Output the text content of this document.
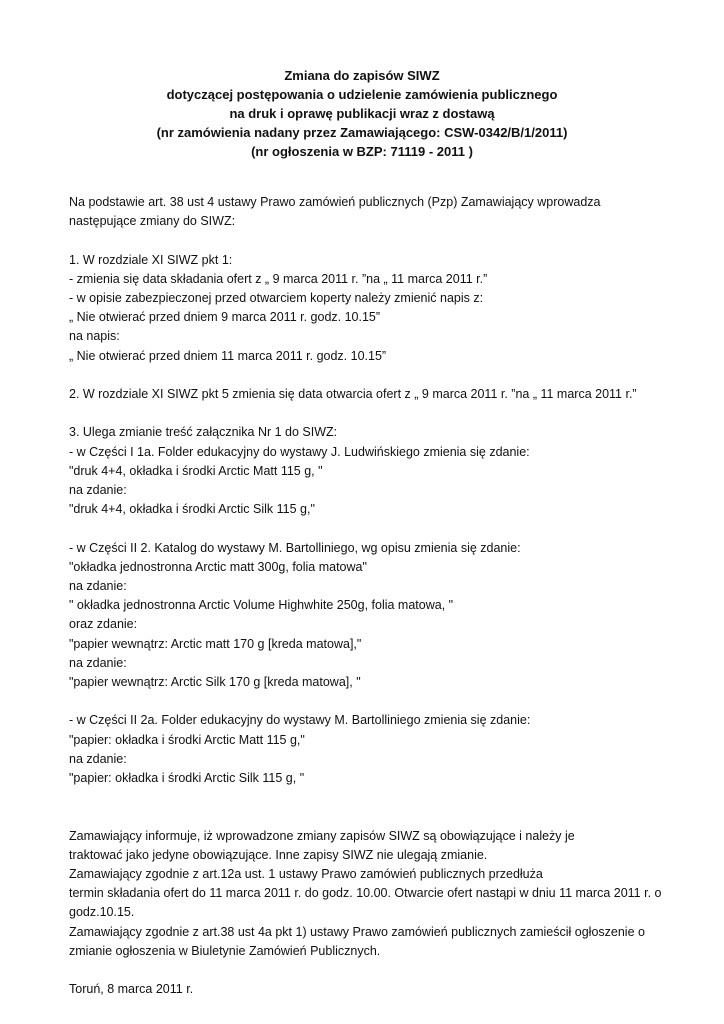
Zmiana do zapisów SIWZ
dotyczącej postępowania o udzielenie zamówienia publicznego
na druk i oprawę publikacji wraz z dostawą
(nr zamówienia nadany przez Zamawiającego: CSW-0342/B/1/2011)
(nr ogłoszenia w BZP: 71119 - 2011 )
Na podstawie art. 38 ust 4 ustawy Prawo zamówień publicznych (Pzp) Zamawiający wprowadza
następujące zmiany do SIWZ:
1. W rozdziale XI SIWZ pkt 1:
- zmienia się data składania ofert z „ 9 marca 2011 r. ”na „ 11 marca 2011 r.”
- w opisie zabezpieczonej przed otwarciem koperty należy zmienić napis z:
„ Nie otwierać przed dniem 9 marca 2011 r. godz. 10.15”
na napis:
„ Nie otwierać przed dniem 11 marca 2011 r. godz. 10.15”
2. W rozdziale XI SIWZ pkt 5 zmienia się data otwarcia ofert z „ 9 marca 2011 r. ”na „ 11 marca 2011 r.”
3. Ulega zmianie treść załącznika Nr 1 do SIWZ:
- w Części I 1a. Folder edukacyjny do wystawy J. Ludwińskiego zmienia się zdanie:
"druk 4+4, okładka i środki Arctic Matt 115 g, "
na zdanie:
"druk 4+4, okładka i środki Arctic Silk 115 g,"
- w Części II 2. Katalog do wystawy M. Bartolliniego, wg opisu zmienia się zdanie:
"okładka jednostronna Arctic matt 300g, folia matowa"
na zdanie:
" okładka jednostronna Arctic Volume Highwhite 250g, folia matowa, "
oraz zdanie:
"papier wewnątrz: Arctic matt 170 g [kreda matowa],"
na zdanie:
"papier wewnątrz: Arctic Silk 170 g [kreda matowa], "
- w Części II 2a. Folder edukacyjny do wystawy M. Bartolliniego zmienia się zdanie:
"papier: okładka i środki Arctic Matt 115 g,"
na zdanie:
"papier: okładka i środki Arctic Silk 115 g, "
Zamawiający informuje, iż wprowadzone zmiany zapisów SIWZ są obowiązujące i należy je
traktować jako jedyne obowiązujące. Inne zapisy SIWZ nie ulegają zmianie.
Zamawiający zgodnie z art.12a ust. 1 ustawy Prawo zamówień publicznych przedłuża
termin składania ofert do 11 marca 2011 r. do godz. 10.00. Otwarcie ofert nastąpi w dniu 11 marca 2011 r. o
godz.10.15.
Zamawiający zgodnie z art.38 ust 4a pkt 1) ustawy Prawo zamówień publicznych zamieścił ogłoszenie o
zmianie ogłoszenia w Biuletynie Zamówień Publicznych.
Toruń, 8 marca 2011 r.
